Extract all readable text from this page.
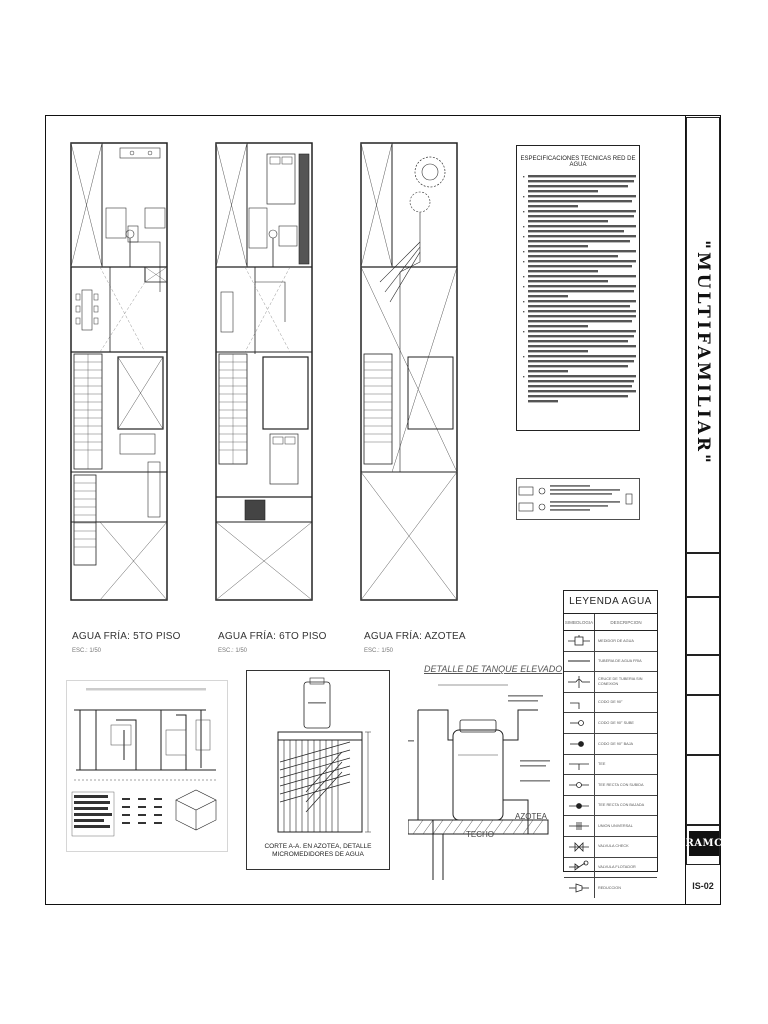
AGUA FRÍA: 5TO PISO
ESC.: 1/50
AGUA FRÍA: 6TO PISO
ESC.: 1/50
AGUA FRÍA: AZOTEA
ESC.: 1/50
ESPECIFICACIONES TECNICAS RED DE AGUA
CORTE A-A. EN AZOTEA, DETALLE
MICROMEDIDORES DE AGUA
DETALLE DE TANQUE ELEVADO
AZOTEA
TECHO
LEYENDA AGUA
SIMBOLOGIA	DESCRIPCION
MEDIDOR DE AGUA
TUBERIA DE AGUA FRIA
CRUCE DE TUBERIA SIN CONEXION
CODO DE 90°
CODO DE 90° SUBE
CODO DE 90° BAJA
TEE
TEE RECTA CON SUBIDA
TEE RECTA CON BAJADA
UNION UNIVERSAL
VALVULA CHECK
VALVULA FLOTADOR
REDUCCION
"MULTIFAMILIAR"
RAMC
IS-02
